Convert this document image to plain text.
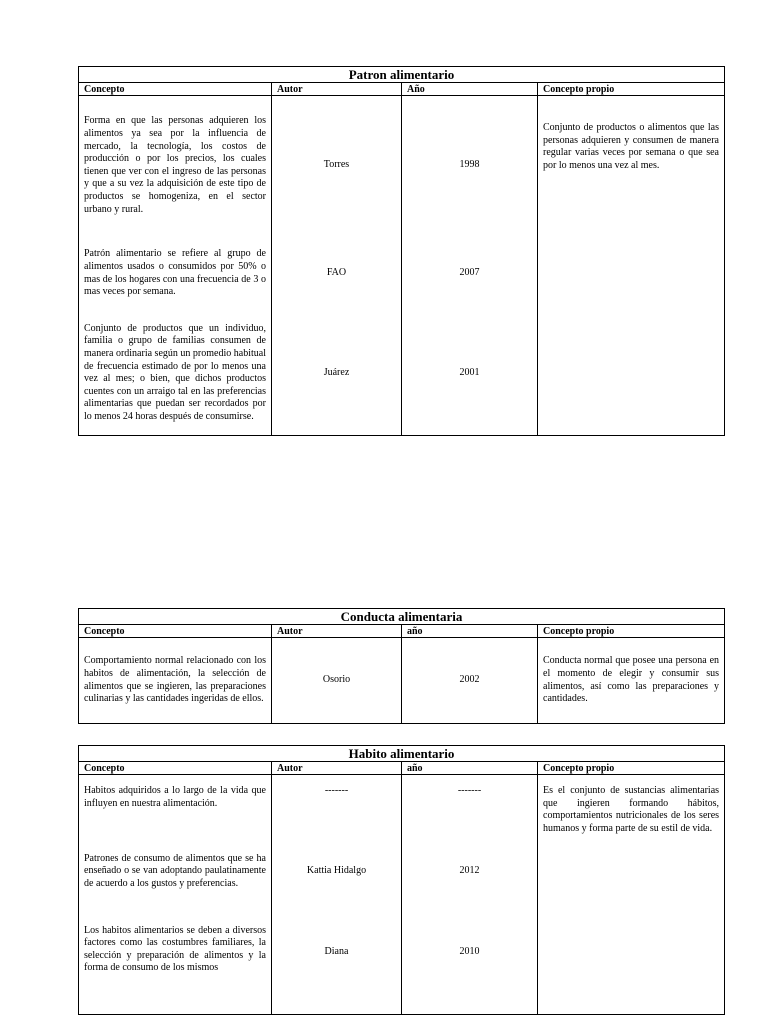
Patron alimentario			
Concepto	Autor	Año	Concepto propio
Forma en que las personas adquieren los alimentos ya sea por la influencia de mercado, la tecnología, los costos de producción o por los precios, los cuales tienen que ver con el ingreso de las personas y que a su vez la adquisición de este tipo de productos se homogeniza, en el sector urbano y rural.	Torres	1998	Conjunto de productos o alimentos que las personas adquieren y consumen de manera regular varias veces por semana o que sea por lo menos una vez al mes.

Patrón alimentario se refiere al grupo de alimentos usados o consumidos por 50% o mas de los hogares con una frecuencia de 3 o mas veces por semana.	FAO	2007	
Conjunto de productos que un individuo, familia o grupo de familias consumen de manera ordinaria según un promedio habitual de frecuencia estimado de por lo menos una vez al mes; o bien, que dichos productos cuentes con un arraigo tal en las preferencias alimentarias que puedan ser recordados por lo menos 24 horas después de consumirse.	Juárez	2001	
Conducta alimentaria			
Concepto	Autor	año	Concepto propio
Comportamiento normal relacionado con los habitos de alimentación, la selección de alimentos que se ingieren, las preparaciones culinarias y las cantidades ingeridas de ellos.	Osorio	2002	Conducta normal que posee una persona en el momento de elegir y consumir sus alimentos, así como las preparaciones y cantidades.
Habito alimentario			
Concepto	Autor	año	Concepto propio
Habitos adquiridos a lo largo de la vida que influyen en nuestra alimentación.	-------	-------	Es el conjunto de sustancias alimentarias que ingieren formando hábitos, comportamientos nutricionales de los seres humanos y forma parte de su estil de vida.

Patrones de consumo de alimentos que se ha enseñado o se van adoptando paulatinamente de acuerdo a los gustos y preferencias.	Kattia Hidalgo	2012	
Los habitos alimentarios se deben a diversos factores como las costumbres familiares, la selección y preparación de alimentos y la forma de consumo de los mismos	Diana	2010	
